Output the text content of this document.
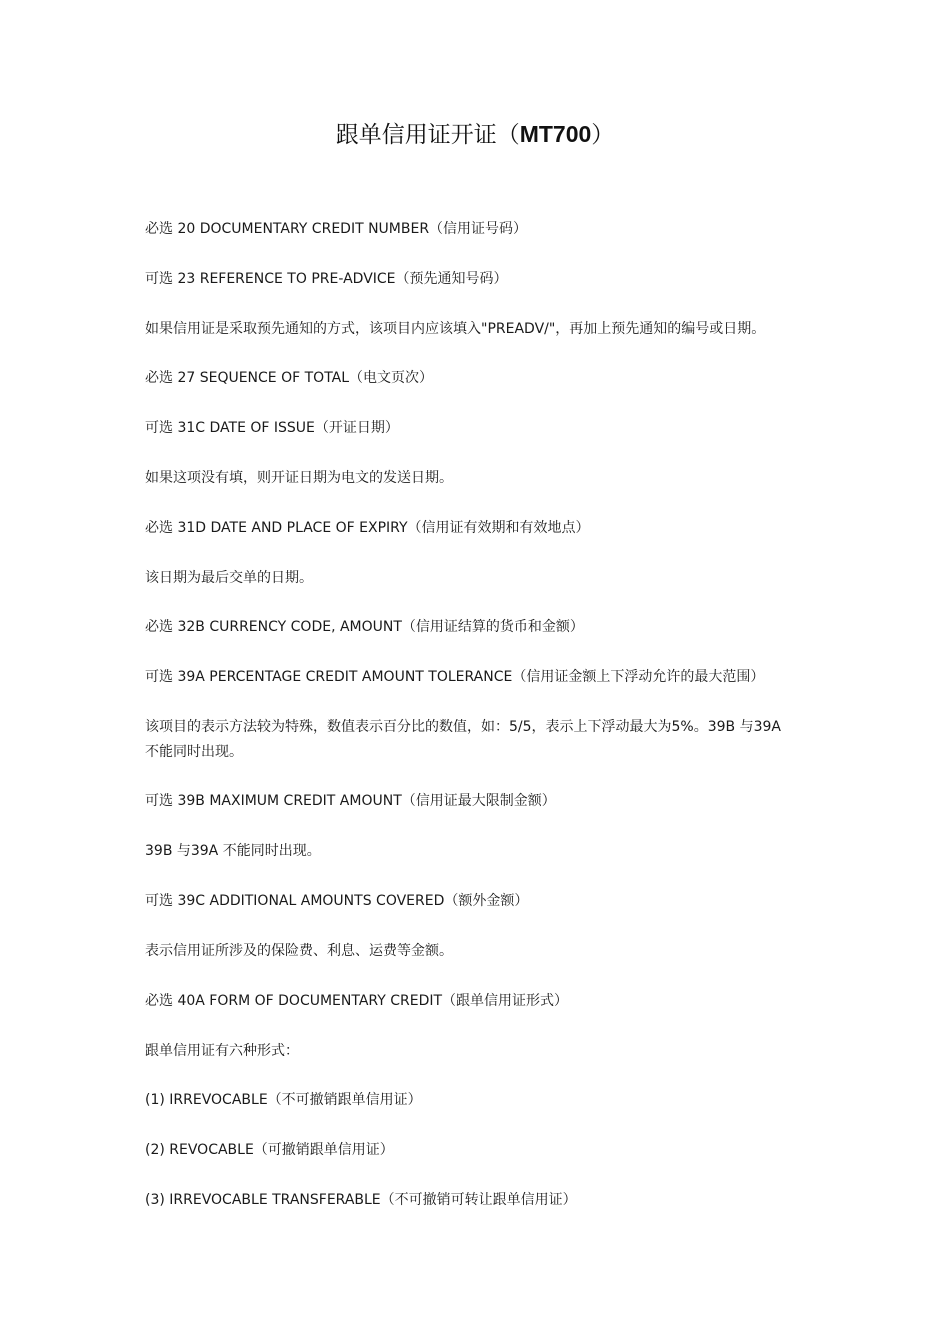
跟单信用证开证（MT700）
必选 20 DOCUMENTARY CREDIT NUMBER（信用证号码）
可选 23 REFERENCE TO PRE-ADVICE（预先通知号码）
如果信用证是采取预先通知的方式，该项目内应该填入"PREADV/"，再加上预先通知的编号或日期。
必选 27 SEQUENCE OF TOTAL（电文页次）
可选 31C DATE OF ISSUE（开证日期）
如果这项没有填，则开证日期为电文的发送日期。
必选 31D DATE AND PLACE OF EXPIRY（信用证有效期和有效地点）
该日期为最后交单的日期。
必选 32B CURRENCY CODE, AMOUNT（信用证结算的货币和金额）
可选 39A PERCENTAGE CREDIT AMOUNT TOLERANCE（信用证金额上下浮动允许的最大范围）
该项目的表示方法较为特殊，数值表示百分比的数值，如：5/5，表示上下浮动最大为5%。39B 与39A
不能同时出现。
可选 39B MAXIMUM CREDIT AMOUNT（信用证最大限制金额）
39B 与39A 不能同时出现。
可选 39C ADDITIONAL AMOUNTS COVERED（额外金额）
表示信用证所涉及的保险费、利息、运费等金额。
必选 40A FORM OF DOCUMENTARY CREDIT（跟单信用证形式）
跟单信用证有六种形式：
(1) IRREVOCABLE（不可撤销跟单信用证）
(2) REVOCABLE（可撤销跟单信用证）
(3) IRREVOCABLE TRANSFERABLE（不可撤销可转让跟单信用证）
